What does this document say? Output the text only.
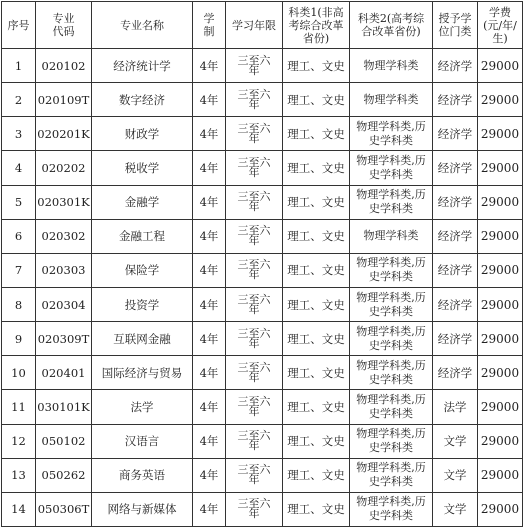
序号	专业代码	专业名称	学制	学习年限	科类1(非高考综合改革省份)	科类2(高考综合改革省份)	授予学位门类	学费(元/年/生)

1	020102	经济统计学	4年	三至六年	理工、文史	物理学科类	经济学	29000

2	020109T	数字经济	4年	三至六年	理工、文史	物理学科类	经济学	29000

3	020201K	财政学	4年	三至六年	理工、文史	物理学科类,历史学科类	经济学	29000

4	020202	税收学	4年	三至六年	理工、文史	物理学科类,历史学科类	经济学	29000

5	020301K	金融学	4年	三至六年	理工、文史	物理学科类,历史学科类	经济学	29000

6	020302	金融工程	4年	三至六年	理工、文史	物理学科类	经济学	29000

7	020303	保险学	4年	三至六年	理工、文史	物理学科类,历史学科类	经济学	29000

8	020304	投资学	4年	三至六年	理工、文史	物理学科类,历史学科类	经济学	29000

9	020309T	互联网金融	4年	三至六年	理工、文史	物理学科类,历史学科类	经济学	29000

10	020401	国际经济与贸易	4年	三至六年	理工、文史	物理学科类,历史学科类	经济学	29000

11	030101K	法学	4年	三至六年	理工、文史	物理学科类,历史学科类	法学	29000

12	050102	汉语言	4年	三至六年	理工、文史	物理学科类,历史学科类	文学	29000

13	050262	商务英语	4年	三至六年	理工、文史	物理学科类,历史学科类	文学	29000

14	050306T	网络与新媒体	4年	三至六年	理工、文史	物理学科类,历史学科类	文学	29000
